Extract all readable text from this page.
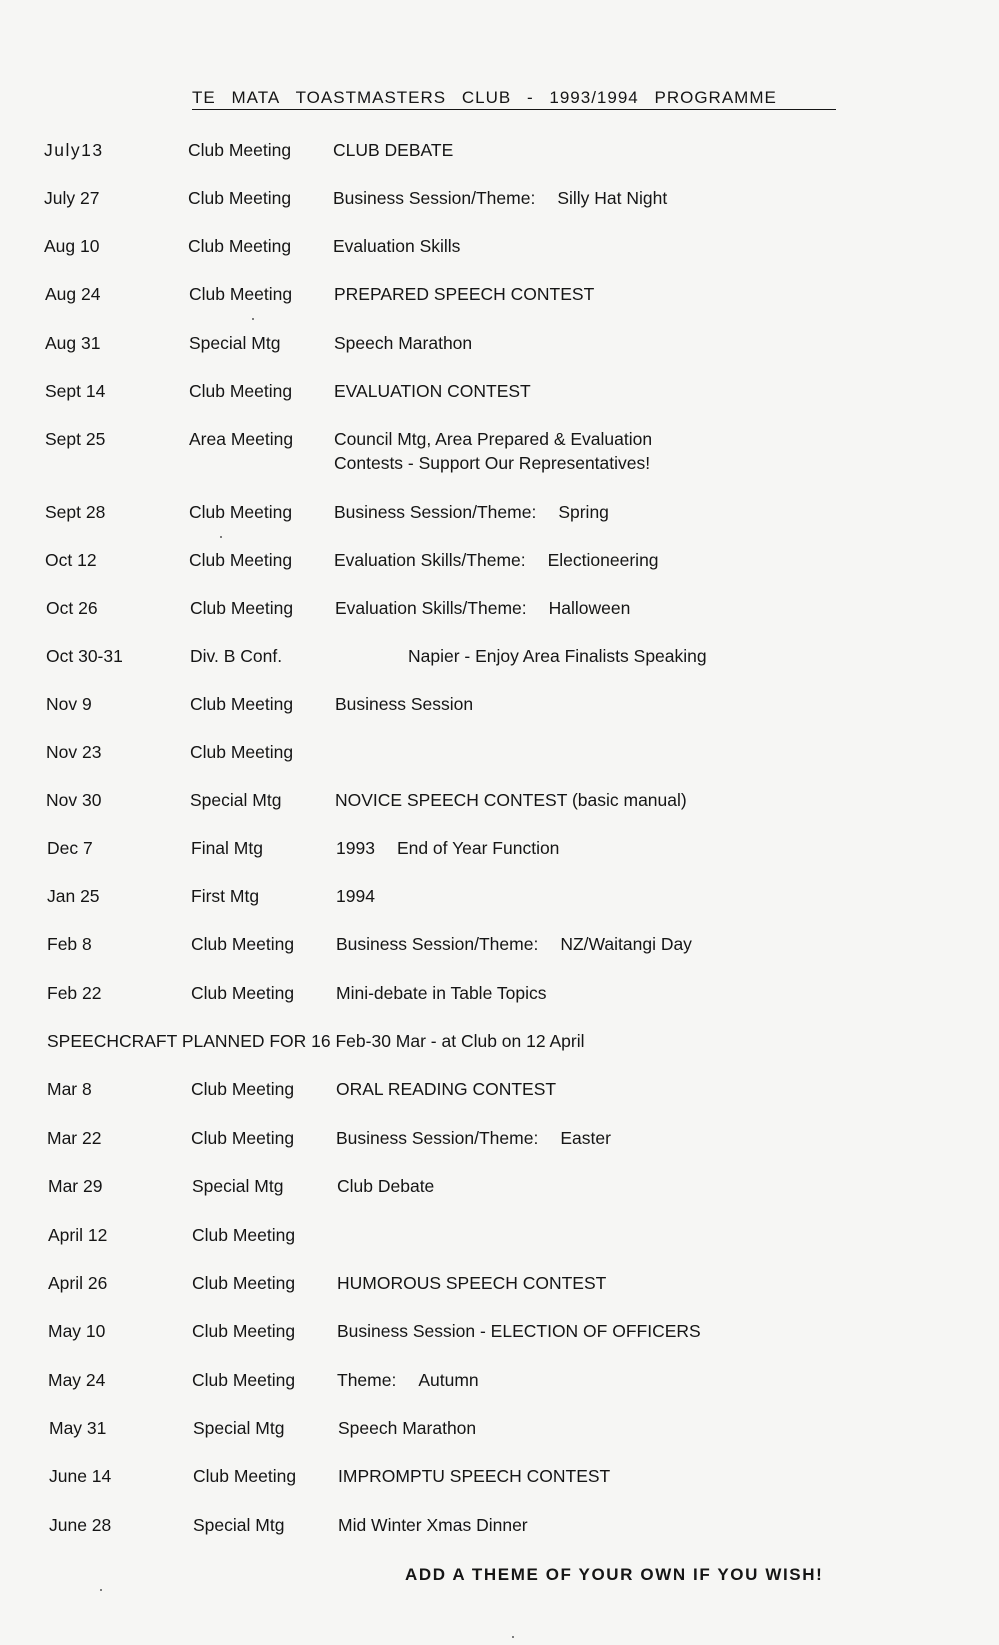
TE MATA TOASTMASTERS CLUB - 1993/1994 PROGRAMME
July13	Club Meeting	CLUB DEBATE
July 27	Club Meeting	Business Session/Theme: Silly Hat Night
Aug 10	Club Meeting	Evaluation Skills
Aug 24	Club Meeting	PREPARED SPEECH CONTEST
Aug 31	Special Mtg	Speech Marathon
Sept 14	Club Meeting	EVALUATION CONTEST
Sept 25	Area Meeting	Council Mtg, Area Prepared & Evaluation
Contests - Support Our Representatives!
Sept 28	Club Meeting	Business Session/Theme: Spring
Oct 12	Club Meeting	Evaluation Skills/Theme: Electioneering
Oct 26	Club Meeting	Evaluation Skills/Theme: Halloween
Oct 30-31	Div. B Conf.	Napier - Enjoy Area Finalists Speaking
Nov 9	Club Meeting	Business Session
Nov 23	Club Meeting
Nov 30	Special Mtg	NOVICE SPEECH CONTEST (basic manual)
Dec 7	Final Mtg	1993 End of Year Function
Jan 25	First Mtg	1994
Feb 8	Club Meeting	Business Session/Theme: NZ/Waitangi Day
Feb 22	Club Meeting	Mini-debate in Table Topics
Mar 8	Club Meeting	ORAL READING CONTEST
Mar 22	Club Meeting	Business Session/Theme: Easter
Mar 29	Special Mtg	Club Debate
April 12	Club Meeting
April 26	Club Meeting	HUMOROUS SPEECH CONTEST
May 10	Club Meeting	Business Session - ELECTION OF OFFICERS
May 24	Club Meeting	Theme: Autumn
May 31	Special Mtg	Speech Marathon
June 14	Club Meeting	IMPROMPTU SPEECH CONTEST
June 28	Special Mtg	Mid Winter Xmas Dinner
SPEECHCRAFT PLANNED FOR 16 Feb-30 Mar - at Club on 12 April
ADD A THEME OF YOUR OWN IF YOU WISH!
